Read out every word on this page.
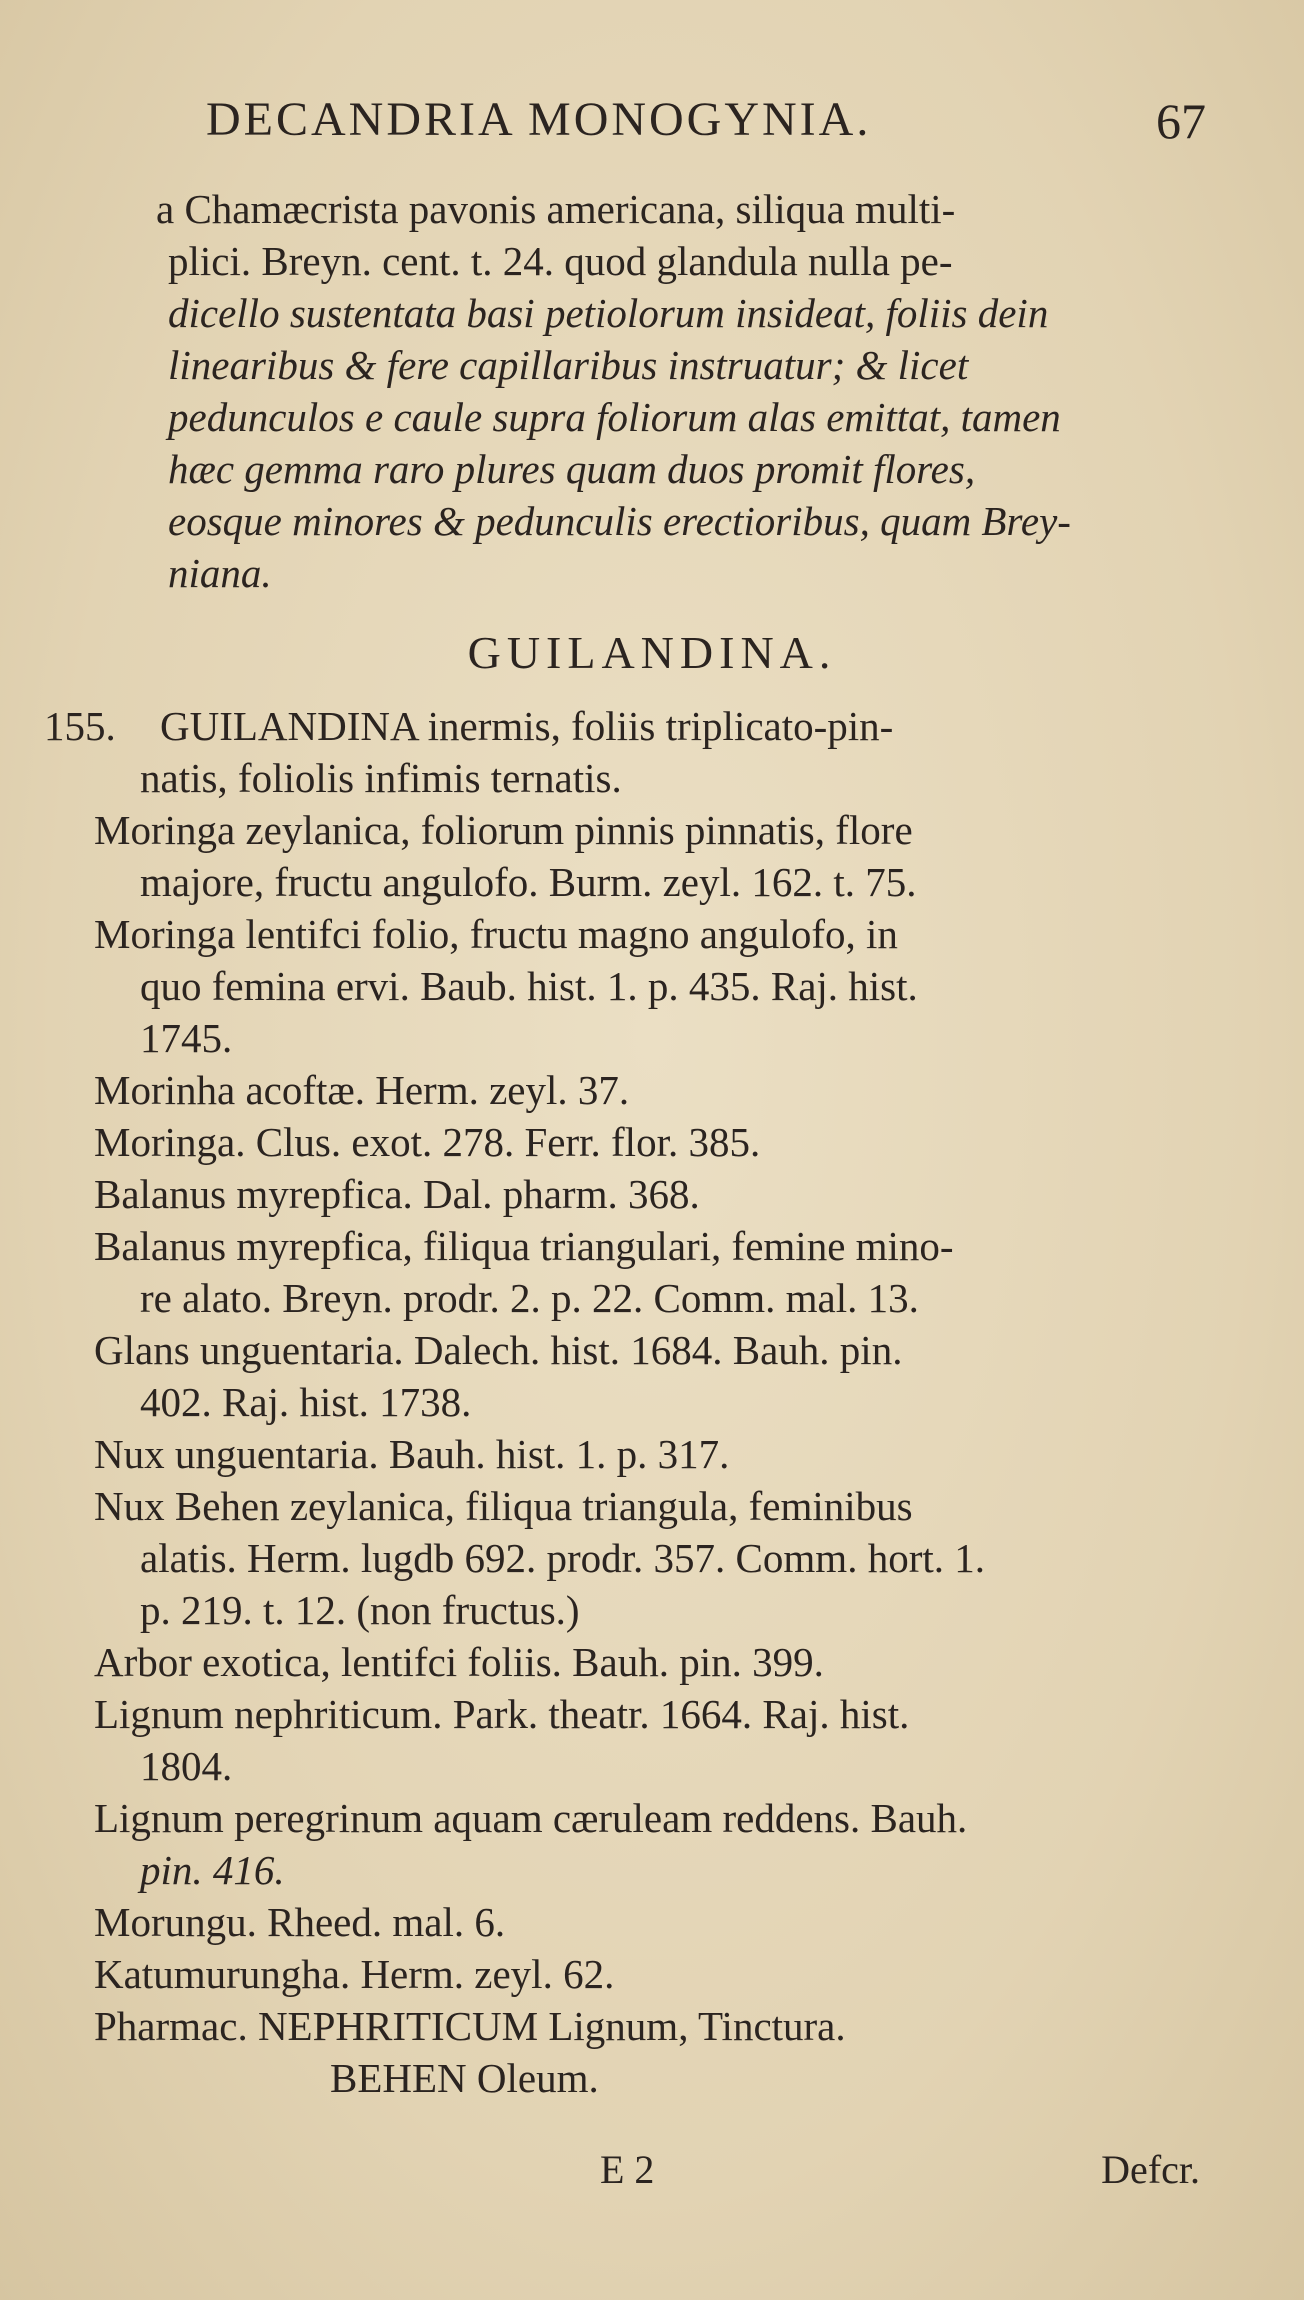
DECANDRIA MONOGYNIA.	67
a Chamæcrista pavonis americana, siliqua multi-
plici. Breyn. cent. t. 24. quod glandula nulla pe-
dicello sustentata basi petiolorum insideat, foliis dein
linearibus & fere capillaribus instruatur; & licet
pedunculos e caule supra foliorum alas emittat, tamen
hæc gemma raro plures quam duos promit flores,
eosque minores & pedunculis erectioribus, quam Brey-
niana.
GUILANDINA.
155. GUILANDINA inermis, foliis triplicato-pin-
natis, foliolis infimis ternatis.
Moringa zeylanica, foliorum pinnis pinnatis, flore
majore, fructu angulofo. Burm. zeyl. 162. t. 75.
Moringa lentifci folio, fructu magno angulofo, in
quo femina ervi. Baub. hist. 1. p. 435. Raj. hist.
1745.
Morinha acoftæ. Herm. zeyl. 37.
Moringa. Clus. exot. 278. Ferr. flor. 385.
Balanus myrepfica. Dal. pharm. 368.
Balanus myrepfica, filiqua triangulari, femine mino-
re alato. Breyn. prodr. 2. p. 22. Comm. mal. 13.
Glans unguentaria. Dalech. hist. 1684. Bauh. pin.
402. Raj. hist. 1738.
Nux unguentaria. Bauh. hist. 1. p. 317.
Nux Behen zeylanica, filiqua triangula, feminibus
alatis. Herm. lugdb 692. prodr. 357. Comm. hort. 1.
p. 219. t. 12. (non fructus.)
Arbor exotica, lentifci foliis. Bauh. pin. 399.
Lignum nephriticum. Park. theatr. 1664. Raj. hist.
1804.
Lignum peregrinum aquam cæruleam reddens. Bauh.
pin. 416.
Morungu. Rheed. mal. 6.
Katumurungha. Herm. zeyl. 62.
Pharmac. NEPHRITICUM Lignum, Tinctura.
BEHEN Oleum.
E 2	Defcr.
